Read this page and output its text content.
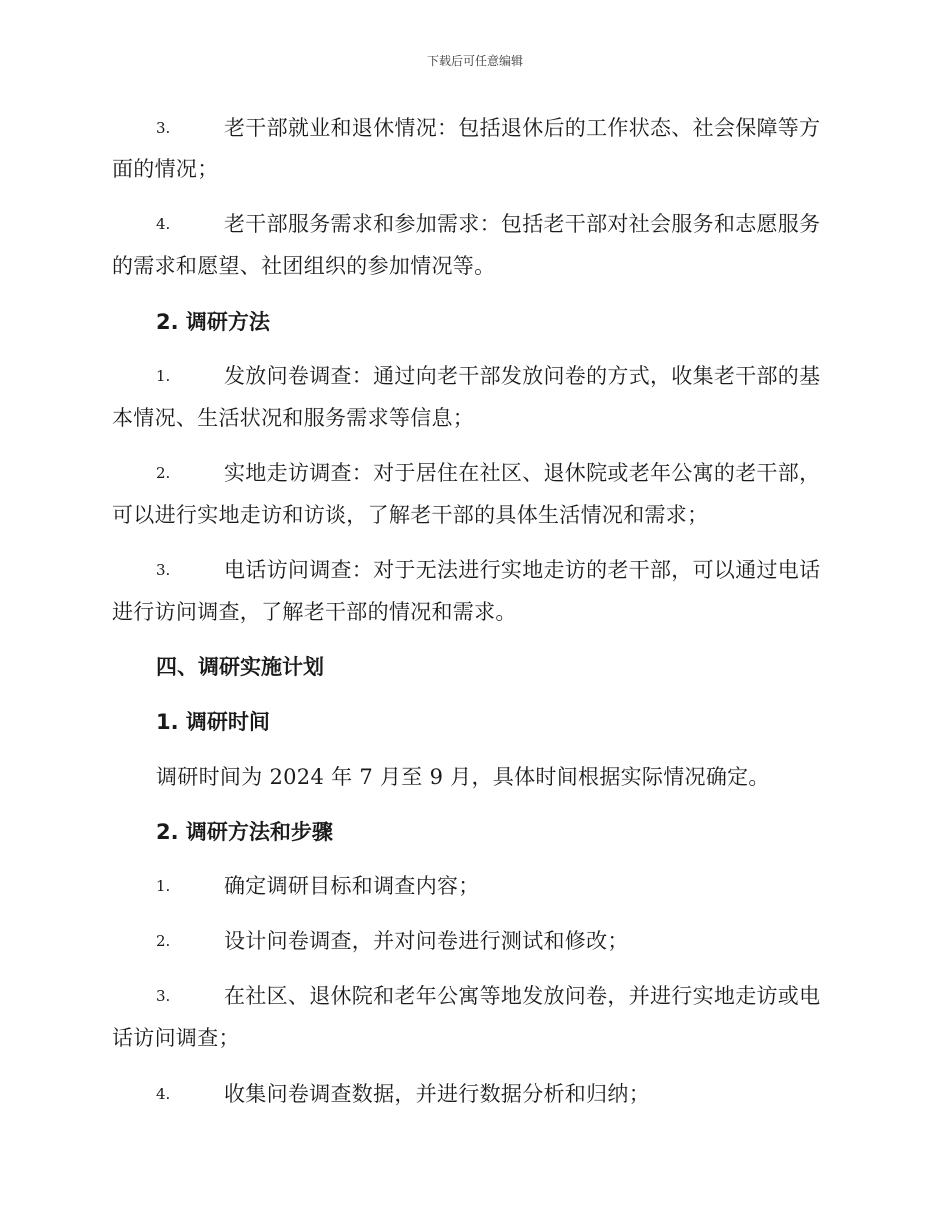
下载后可任意编辑
3.	老干部就业和退休情况：包括退休后的工作状态、社会保障等方
面的情况；
4.	老干部服务需求和参加需求：包括老干部对社会服务和志愿服务
的需求和愿望、社团组织的参加情况等。
2. 调研方法
1.	发放问卷调查：通过向老干部发放问卷的方式，收集老干部的基
本情况、生活状况和服务需求等信息；
2.	实地走访调查：对于居住在社区、退休院或老年公寓的老干部，
可以进行实地走访和访谈，了解老干部的具体生活情况和需求；
3.	电话访问调查：对于无法进行实地走访的老干部，可以通过电话
进行访问调查，了解老干部的情况和需求。
四、调研实施计划
1. 调研时间
调研时间为 2024 年 7 月至 9 月，具体时间根据实际情况确定。
2. 调研方法和步骤
1.	确定调研目标和调查内容；
2.	设计问卷调查，并对问卷进行测试和修改；
3.	在社区、退休院和老年公寓等地发放问卷，并进行实地走访或电
话访问调查；
4.	收集问卷调查数据，并进行数据分析和归纳；
